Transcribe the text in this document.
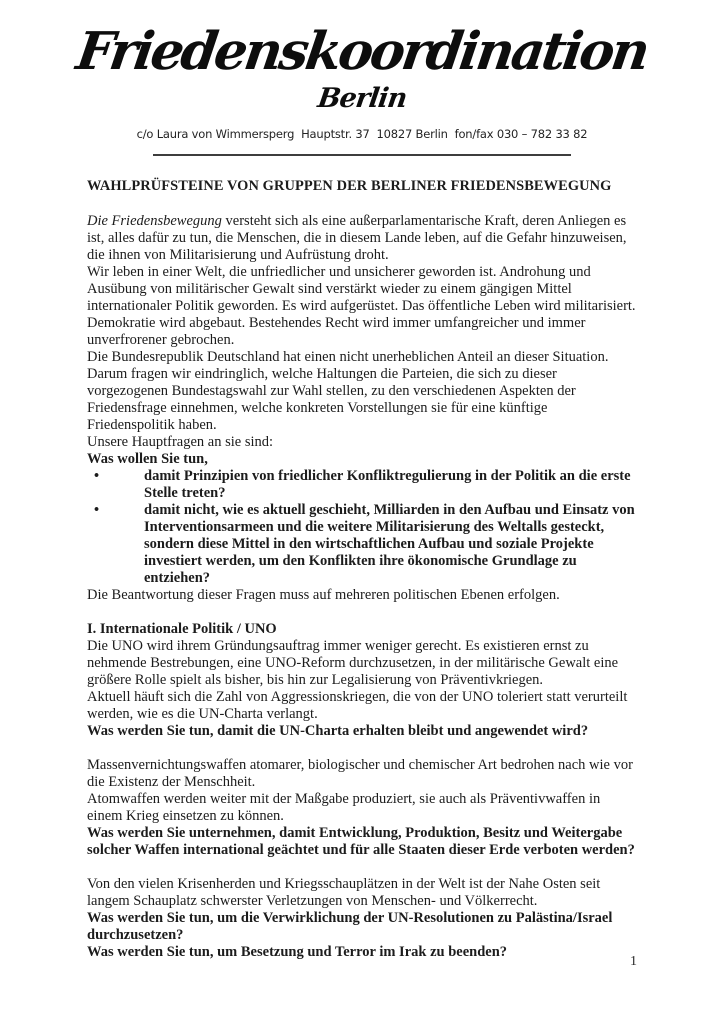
Friedenskoordination
Berlin
c/o Laura von Wimmersperg  Hauptstr. 37  10827 Berlin  fon/fax 030 – 782 33 82
WAHLPRÜFSTEINE VON GRUPPEN DER BERLINER FRIEDENSBEWEGUNG

Die Friedensbewegung versteht sich als eine außerparlamentarische Kraft, deren Anliegen es ist, alles dafür zu tun, die Menschen, die in diesem Lande leben, auf die Gefahr hinzuweisen, die ihnen von Militarisierung und Aufrüstung droht.

Wir leben in einer Welt, die unfriedlicher und unsicherer geworden ist. Androhung und Ausübung von militärischer Gewalt sind verstärkt wieder zu einem gängigen Mittel internationaler Politik geworden. Es wird aufgerüstet. Das öffentliche Leben wird militarisiert. Demokratie wird abgebaut. Bestehendes Recht wird immer umfangreicher und immer unverfrorener gebrochen.

Die Bundesrepublik Deutschland hat einen nicht unerheblichen Anteil an dieser Situation. Darum fragen wir eindringlich, welche Haltungen die Parteien, die sich zu dieser vorgezogenen Bundestagswahl zur Wahl stellen, zu den verschiedenen Aspekten der Friedensfrage einnehmen, welche konkreten Vorstellungen sie für eine künftige Friedenspolitik haben.

Unsere Hauptfragen an sie sind:

Was wollen Sie tun,

•	damit Prinzipien von friedlicher Konfliktregulierung in der Politik an die erste Stelle treten?
•	damit nicht, wie es aktuell geschieht, Milliarden in den Aufbau und Einsatz von Interventionsarmeen und die weitere Militarisierung des Weltalls gesteckt, sondern diese Mittel in den wirtschaftlichen Aufbau und soziale Projekte investiert werden, um den Konflikten ihre ökonomische Grundlage zu entziehen?

Die Beantwortung dieser Fragen muss auf mehreren politischen Ebenen erfolgen.

I. Internationale Politik / UNO

Die UNO wird ihrem Gründungsauftrag immer weniger gerecht. Es existieren ernst zu nehmende Bestrebungen, eine UNO-Reform durchzusetzen, in der militärische Gewalt eine größere Rolle spielt als bisher, bis hin zur Legalisierung von Präventivkriegen.

Aktuell häuft sich die Zahl von Aggressionskriegen, die von der UNO toleriert statt verurteilt werden, wie es die UN-Charta verlangt.

Was werden Sie tun, damit die UN-Charta erhalten bleibt und angewendet wird?

Massenvernichtungswaffen atomarer, biologischer und chemischer Art bedrohen nach wie vor die Existenz der Menschheit.

Atomwaffen werden weiter mit der Maßgabe produziert, sie auch als Präventivwaffen in einem Krieg einsetzen zu können.

Was werden Sie unternehmen, damit Entwicklung, Produktion, Besitz und Weitergabe solcher Waffen international geächtet und für alle Staaten dieser Erde verboten werden?

Von den vielen Krisenherden und Kriegsschauplätzen in der Welt ist der Nahe Osten seit langem Schauplatz schwerster Verletzungen von Menschen- und Völkerrecht.

Was werden Sie tun, um die Verwirklichung der UN-Resolutionen zu Palästina/Israel durchzusetzen?

Was werden Sie tun, um Besetzung und Terror im Irak zu beenden?

1
